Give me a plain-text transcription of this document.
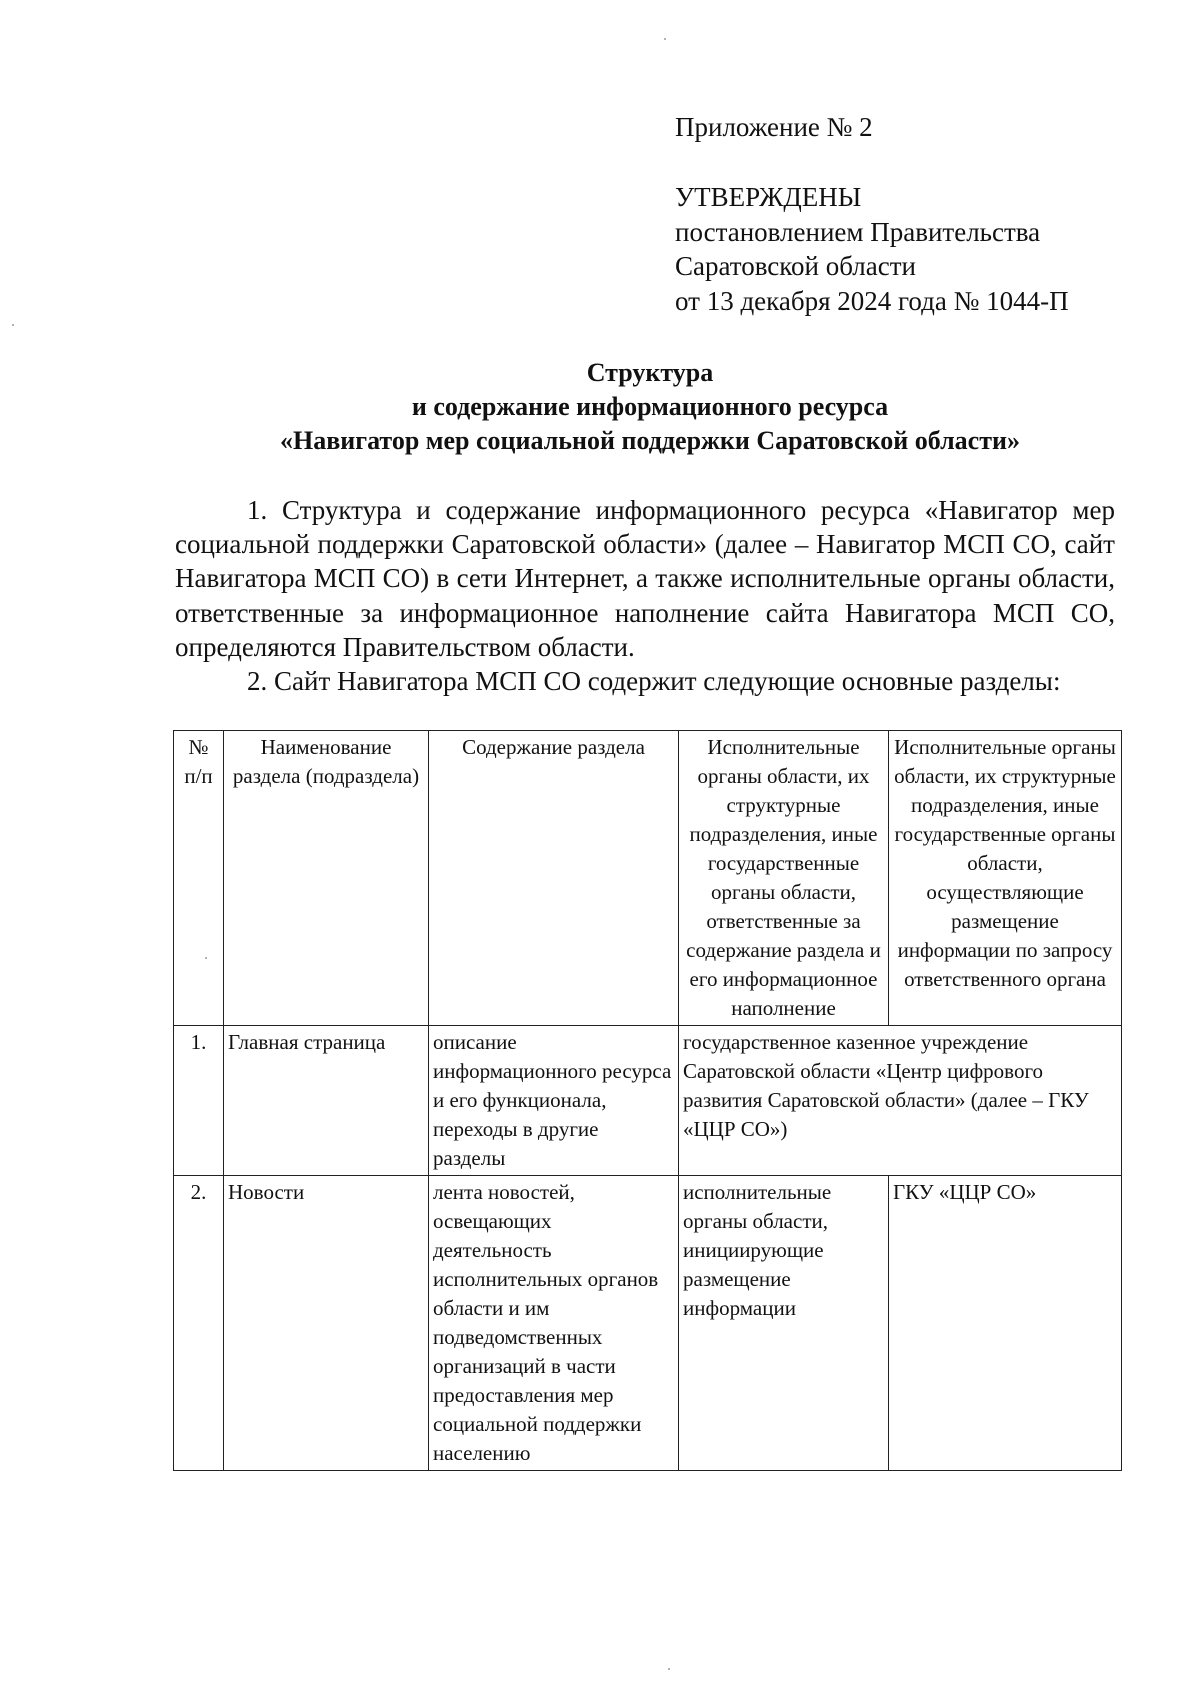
Приложение № 2
УТВЕРЖДЕНЫ
постановлением Правительства
Саратовской области
от 13 декабря 2024 года № 1044-П
Структура
и содержание информационного ресурса
«Навигатор мер социальной поддержки Саратовской области»

1. Структура и содержание информационного ресурса «Навигатор мер социальной поддержки Саратовской области» (далее – Навигатор МСП СО, сайт Навигатора МСП СО) в сети Интернет, а также исполнительные органы области, ответственные за информационное наполнение сайта Навигатора МСП СО, определяются Правительством области.

2. Сайт Навигатора МСП СО содержит следующие основные разделы:

№ п/п	Наименование раздела (подраздела)	Содержание раздела	Исполнительные органы области, их структурные подразделения, иные государственные органы области, ответственные за содержание раздела и его информационное наполнение	Исполнительные органы области, их структурные подразделения, иные государственные органы области, осуществляющие размещение информации по запросу ответственного органа
1.	Главная страница	описание информационного ресурса и его функционала, переходы в другие разделы	государственное казенное учреждение Саратовской области «Центр цифрового развития Саратовской области» (далее – ГКУ «ЦЦР СО»)	
2.	Новости	лента новостей, освещающих деятельность исполнительных органов области и им подведомственных организаций в части предоставления мер социальной поддержки населению	исполнительные органы области, инициирующие размещение информации	ГКУ «ЦЦР СО»
